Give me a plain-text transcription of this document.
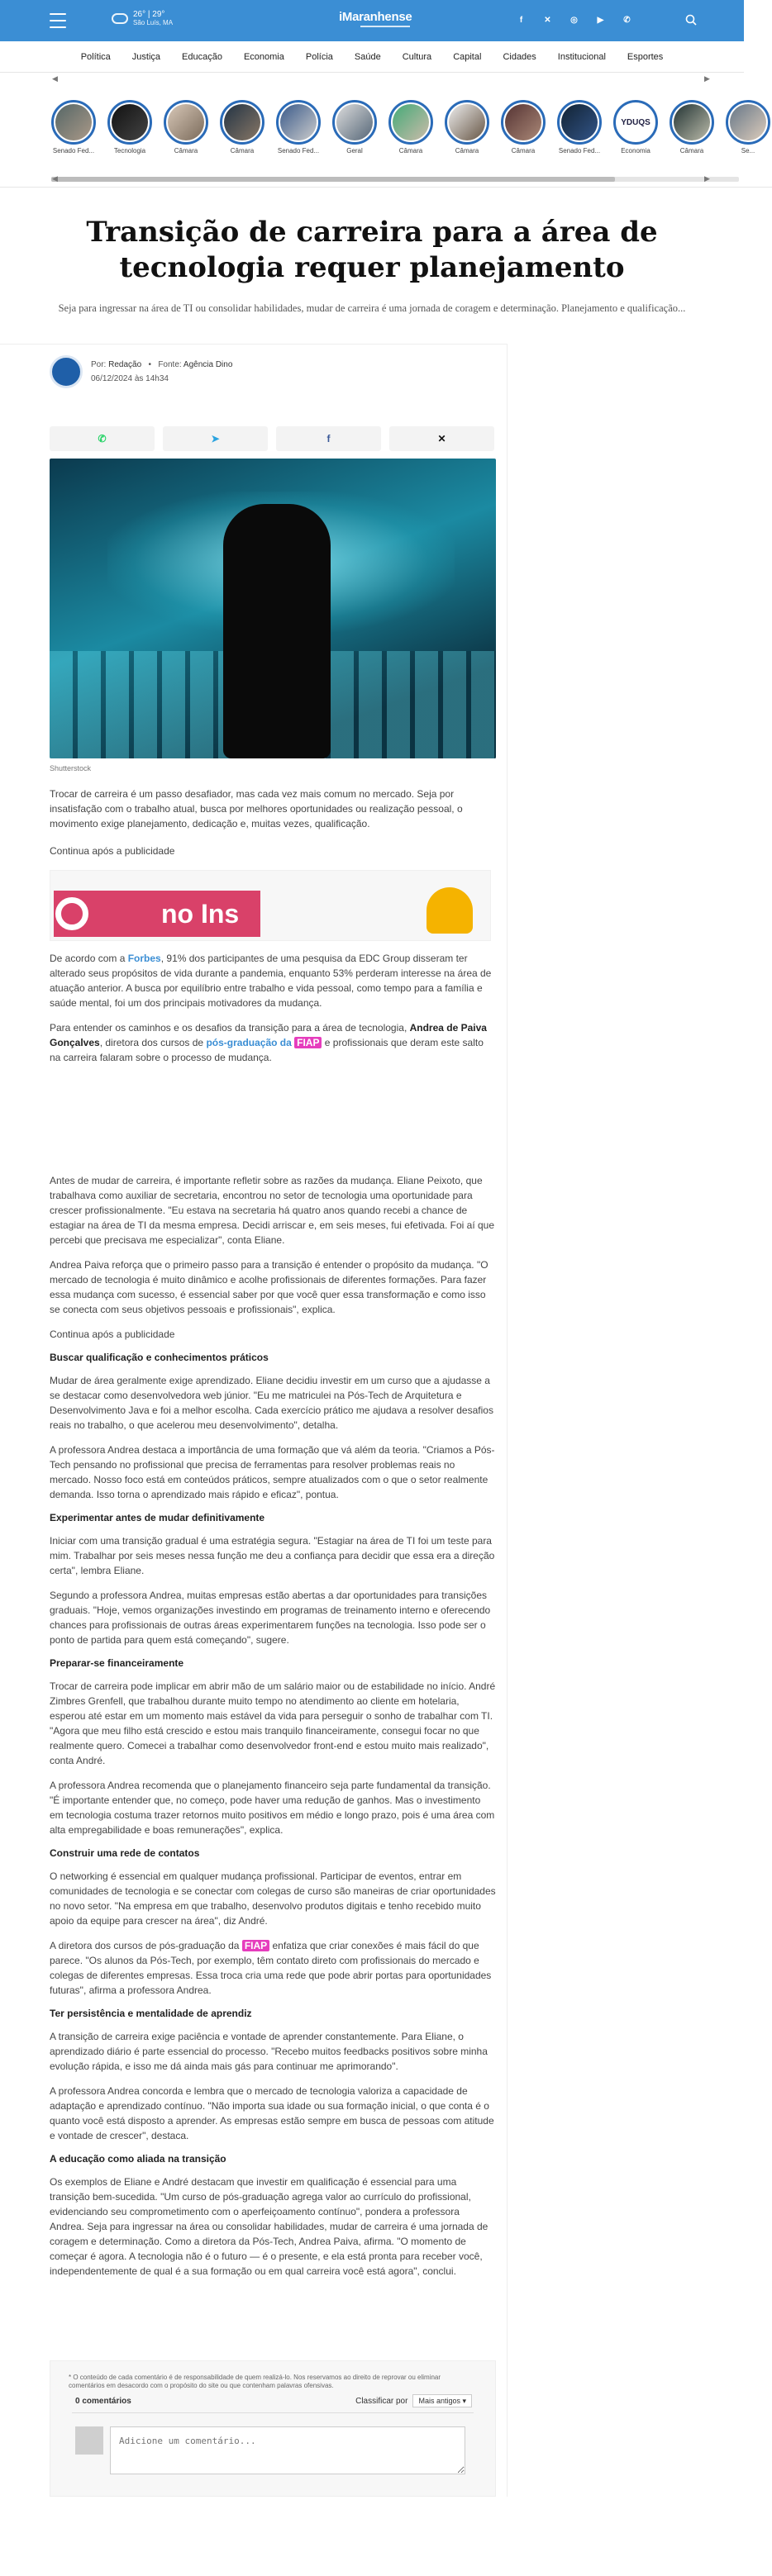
26° | 29°
São Luís, MA	iMaranhense	f	✕	◎	▶	✆
Política	Justiça	Educação	Economia	Polícia	Saúde	Cultura	Capital	Cidades	Institucional	Esportes
◀	▶
Senado Fed...	Tecnologia	Câmara	Câmara	Senado Fed...	Geral	Câmara	Câmara	Câmara	Senado Fed...
YDUQS
Economia	Câmara	Se...
◀	▶
Transição de carreira para a área de tecnologia requer planejamento

Seja para ingressar na área de TI ou consolidar habilidades, mudar de carreira é uma jornada de coragem e determinação. Planejamento e qualificação...

Por: Redação   •   Fonte: Agência Dino
06/12/2024 às 14h34
✆	➤	f	✕
Shutterstock

Trocar de carreira é um passo desafiador, mas cada vez mais comum no mercado. Seja por insatisfação com o trabalho atual, busca por melhores oportunidades ou realização pessoal, o movimento exige planejamento, dedicação e, muitas vezes, qualificação.

Continua após a publicidade

no Ins

De acordo com a Forbes, 91% dos participantes de uma pesquisa da EDC Group disseram ter alterado seus propósitos de vida durante a pandemia, enquanto 53% perderam interesse na área de atuação anterior. A busca por equilíbrio entre trabalho e vida pessoal, como tempo para a família e saúde mental, foi um dos principais motivadores da mudança.

Para entender os caminhos e os desafios da transição para a área de tecnologia, Andrea de Paiva Gonçalves, diretora dos cursos de pós-graduação da FIAP e profissionais que deram este salto na carreira falaram sobre o processo de mudança.

Antes de mudar de carreira, é importante refletir sobre as razões da mudança. Eliane Peixoto, que trabalhava como auxiliar de secretaria, encontrou no setor de tecnologia uma oportunidade para crescer profissionalmente. "Eu estava na secretaria há quatro anos quando recebi a chance de estagiar na área de TI da mesma empresa. Decidi arriscar e, em seis meses, fui efetivada. Foi aí que percebi que precisava me especializar", conta Eliane.

Andrea Paiva reforça que o primeiro passo para a transição é entender o propósito da mudança. "O mercado de tecnologia é muito dinâmico e acolhe profissionais de diferentes formações. Para fazer essa mudança com sucesso, é essencial saber por que você quer essa transformação e como isso se conecta com seus objetivos pessoais e profissionais", explica.

Continua após a publicidade

Buscar qualificação e conhecimentos práticos

Mudar de área geralmente exige aprendizado. Eliane decidiu investir em um curso que a ajudasse a se destacar como desenvolvedora web júnior. "Eu me matriculei na Pós-Tech de Arquitetura e Desenvolvimento Java e foi a melhor escolha. Cada exercício prático me ajudava a resolver desafios reais no trabalho, o que acelerou meu desenvolvimento", detalha.

A professora Andrea destaca a importância de uma formação que vá além da teoria. "Criamos a Pós-Tech pensando no profissional que precisa de ferramentas para resolver problemas reais no mercado. Nosso foco está em conteúdos práticos, sempre atualizados com o que o setor realmente demanda. Isso torna o aprendizado mais rápido e eficaz", pontua.

Experimentar antes de mudar definitivamente

Iniciar com uma transição gradual é uma estratégia segura. "Estagiar na área de TI foi um teste para mim. Trabalhar por seis meses nessa função me deu a confiança para decidir que essa era a direção certa", lembra Eliane.

Segundo a professora Andrea, muitas empresas estão abertas a dar oportunidades para transições graduais. "Hoje, vemos organizações investindo em programas de treinamento interno e oferecendo chances para profissionais de outras áreas experimentarem funções na tecnologia. Isso pode ser o ponto de partida para quem está começando", sugere.

Preparar-se financeiramente

Trocar de carreira pode implicar em abrir mão de um salário maior ou de estabilidade no início. André Zimbres Grenfell, que trabalhou durante muito tempo no atendimento ao cliente em hotelaria, esperou até estar em um momento mais estável da vida para perseguir o sonho de trabalhar com TI. "Agora que meu filho está crescido e estou mais tranquilo financeiramente, consegui focar no que realmente quero. Comecei a trabalhar como desenvolvedor front-end e estou muito mais realizado", conta André.

A professora Andrea recomenda que o planejamento financeiro seja parte fundamental da transição. "É importante entender que, no começo, pode haver uma redução de ganhos. Mas o investimento em tecnologia costuma trazer retornos muito positivos em médio e longo prazo, pois é uma área com alta empregabilidade e boas remunerações", explica.

Construir uma rede de contatos

O networking é essencial em qualquer mudança profissional. Participar de eventos, entrar em comunidades de tecnologia e se conectar com colegas de curso são maneiras de criar oportunidades no novo setor. "Na empresa em que trabalho, desenvolvo produtos digitais e tenho recebido muito apoio da equipe para crescer na área", diz André.

A diretora dos cursos de pós-graduação da FIAP enfatiza que criar conexões é mais fácil do que parece. "Os alunos da Pós-Tech, por exemplo, têm contato direto com profissionais do mercado e colegas de diferentes empresas. Essa troca cria uma rede que pode abrir portas para oportunidades futuras", afirma a professora Andrea.

Ter persistência e mentalidade de aprendiz

A transição de carreira exige paciência e vontade de aprender constantemente. Para Eliane, o aprendizado diário é parte essencial do processo. "Recebo muitos feedbacks positivos sobre minha evolução rápida, e isso me dá ainda mais gás para continuar me aprimorando".

A professora Andrea concorda e lembra que o mercado de tecnologia valoriza a capacidade de adaptação e aprendizado contínuo. "Não importa sua idade ou sua formação inicial, o que conta é o quanto você está disposto a aprender. As empresas estão sempre em busca de pessoas com atitude e vontade de crescer", destaca.

A educação como aliada na transição

Os exemplos de Eliane e André destacam que investir em qualificação é essencial para uma transição bem-sucedida. "Um curso de pós-graduação agrega valor ao currículo do profissional, evidenciando seu comprometimento com o aperfeiçoamento contínuo", pondera a professora Andrea. Seja para ingressar na área ou consolidar habilidades, mudar de carreira é uma jornada de coragem e determinação. Como a diretora da Pós-Tech, Andrea Paiva, afirma. "O momento de começar é agora. A tecnologia não é o futuro — é o presente, e ela está pronta para receber você, independentemente de qual é a sua formação ou em qual carreira você está agora", conclui.

* O conteúdo de cada comentário é de responsabilidade de quem realizá-lo. Nos reservamos ao direito de reprovar ou eliminar comentários em desacordo com o propósito do site ou que contenham palavras ofensivas.

0 comentários	Classificar por Mais antigos ▾
Adicione um comentário...
